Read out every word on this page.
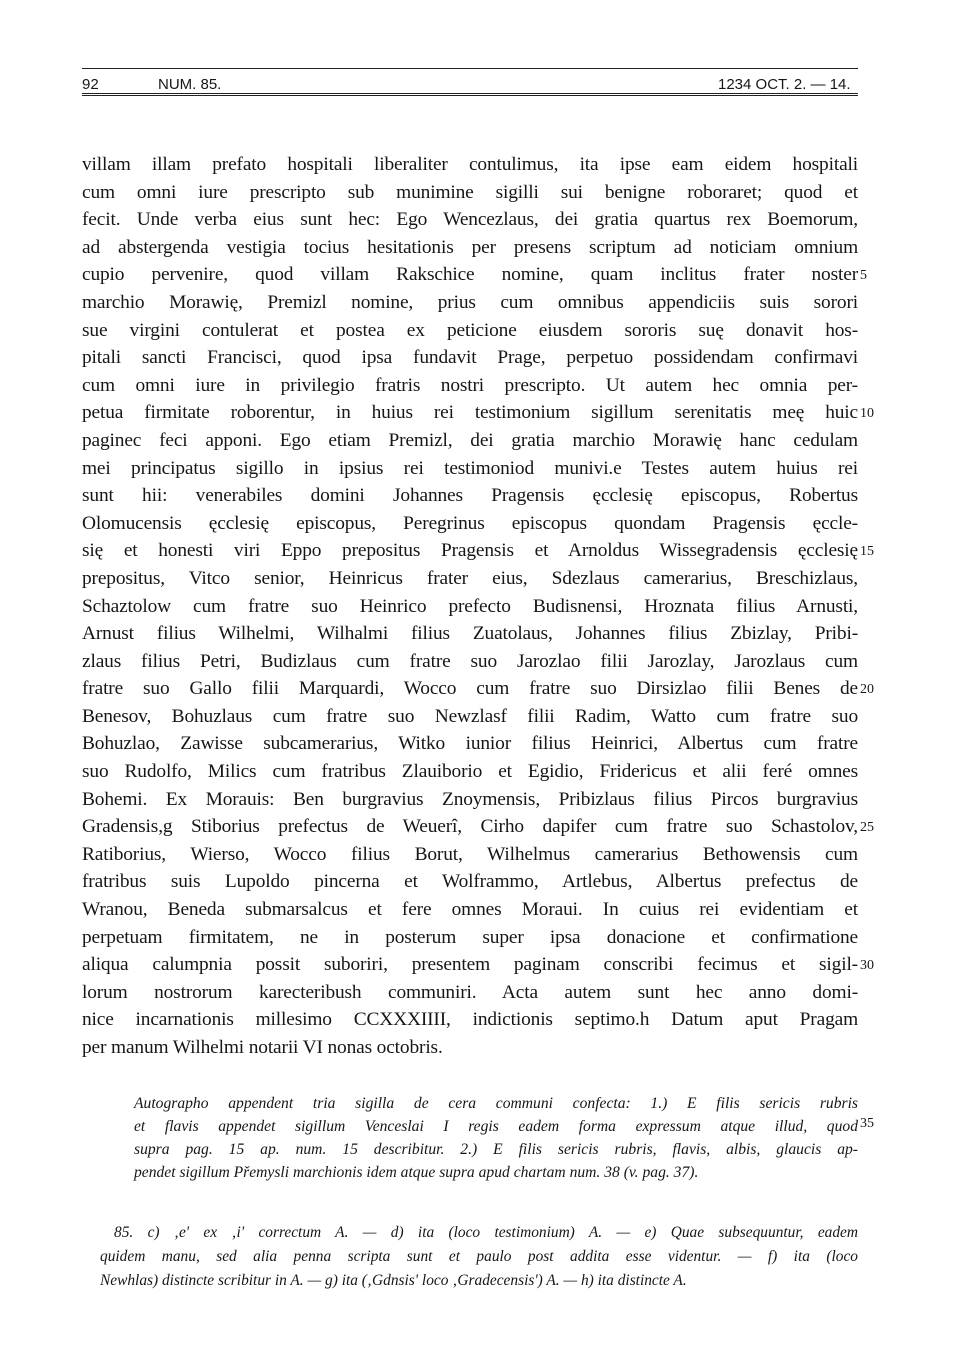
92	NUM. 85.	1234 OCT. 2. — 14.
villam illam prefato hospitali liberaliter contulimus, ita ipse eam eidem hospitali
cum omni iure prescripto sub munimine sigilli sui benigne roboraret; quod et
fecit. Unde verba eius sunt hec: Ego Wencezlaus, dei gratia quartus rex Boemorum,
ad abstergenda vestigia tocius hesitationis per presens scriptum ad noticiam omnium
cupio pervenire, quod villam Rakschice nomine, quam inclitus frater noster
marchio Morawię, Premizl nomine, prius cum omnibus appendiciis suis sorori
sue virgini contulerat et postea ex peticione eiusdem sororis suę donavit hos-
pitali sancti Francisci, quod ipsa fundavit Prage, perpetuo possidendam confirmavi
cum omni iure in privilegio fratris nostri prescripto. Ut autem hec omnia per-
petua firmitate roborentur, in huius rei testimonium sigillum serenitatis meę huic
paginec feci apponi. Ego etiam Premizl, dei gratia marchio Morawię hanc cedulam
mei principatus sigillo in ipsius rei testimoniod munivi.e Testes autem huius rei
sunt hii: venerabiles domini Johannes Pragensis ęcclesię episcopus, Robertus
Olomucensis ęcclesię episcopus, Peregrinus episcopus quondam Pragensis ęccle-
się et honesti viri Eppo prepositus Pragensis et Arnoldus Wissegradensis ęcclesię
prepositus, Vitco senior, Heinricus frater eius, Sdezlaus camerarius, Breschizlaus,
Schaztolow cum fratre suo Heinrico prefecto Budisnensi, Hroznata filius Arnusti,
Arnust filius Wilhelmi, Wilhalmi filius Zuatolaus, Johannes filius Zbizlay, Pribi-
zlaus filius Petri, Budizlaus cum fratre suo Jarozlao filii Jarozlay, Jarozlaus cum
fratre suo Gallo filii Marquardi, Wocco cum fratre suo Dirsizlao filii Benes de
Benesov, Bohuzlaus cum fratre suo Newzlasf filii Radim, Watto cum fratre suo
Bohuzlao, Zawisse subcamerarius, Witko iunior filius Heinrici, Albertus cum fratre
suo Rudolfo, Milics cum fratribus Zlauiborio et Egidio, Fridericus et alii feré omnes
Bohemi. Ex Morauis: Ben burgravius Znoymensis, Pribizlaus filius Pircos burgravius
Gradensis,g Stiborius prefectus de Weuerî, Cirho dapifer cum fratre suo Schastolov,
Ratiborius, Wierso, Wocco filius Borut, Wilhelmus camerarius Bethowensis cum
fratribus suis Lupoldo pincerna et Wolframmo, Artlebus, Albertus prefectus de
Wranou, Beneda submarsalcus et fere omnes Moraui. In cuius rei evidentiam et
perpetuam firmitatem, ne in posterum super ipsa donacione et confirmatione
aliqua calumpnia possit suboriri, presentem paginam conscribi fecimus et sigil-
lorum nostrorum karecteribush communiri. Acta autem sunt hec anno domi-
nice incarnationis millesimo CCXXXIIII, indictionis septimo.h Datum aput Pragam
per manum Wilhelmi notarii VI nonas octobris.
5
10
15
20
25
30
Autographo appendent tria sigilla de cera communi confecta: 1.) E filis sericis rubris
et flavis appendet sigillum Venceslai I regis eadem forma expressum atque illud, quod
supra pag. 15 ap. num. 15 describitur. 2.) E filis sericis rubris, flavis, albis, glaucis ap-
pendet sigillum Přemysli marchionis idem atque supra apud chartam num. 38 (v. pag. 37).
35
85. c) ‚e' ex ‚i' correctum A. — d) ita (loco testimonium) A. — e) Quae subsequuntur, eadem
quidem manu, sed alia penna scripta sunt et paulo post addita esse videntur. — f) ita (loco
Newhlas) distincte scribitur in A. — g) ita (‚Gdnsis' loco ‚Gradecensis') A. — h) ita distincte A.
